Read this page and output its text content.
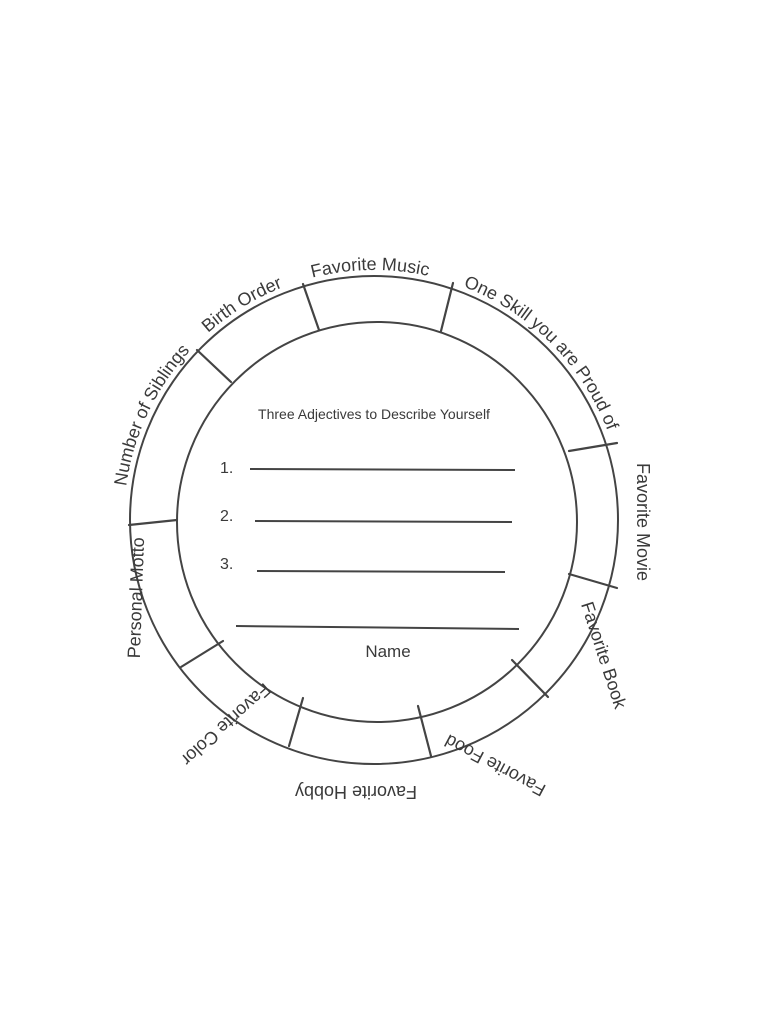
Favorite Music
Birth Order
Number of Siblings
One Skill you are Proud of
Favorite Movie
Favorite Book
Personal Motto
Favorite Food
Favorite Hobby
Favorite Color
Three Adjectives to Describe Yourself
1.
2.
3.
Name
